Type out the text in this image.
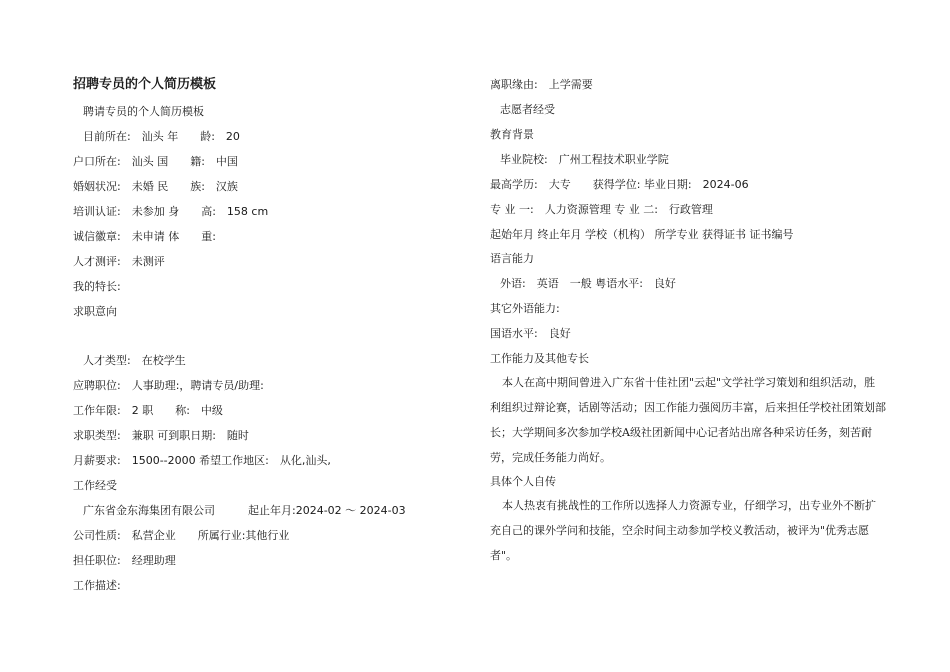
招聘专员的个人简历模板
聘请专员的个人简历模板
目前所在:　汕头 年　　龄:　20
户口所在:　汕头 国　　籍:　中国
婚姻状况:　未婚 民　　族:　汉族
培训认证:　未参加 身　　高:　158 cm
诚信徽章:　未申请 体　　重:
人才测评:　未测评
我的特长:
求职意向
人才类型:　在校学生
应聘职位:　人事助理:，聘请专员/助理:
工作年限:　2 职　　称:　中级
求职类型:　兼职 可到职日期:　随时
月薪要求:　1500--2000 希望工作地区:　从化,汕头,
工作经受
广东省金东海集团有限公司　　　起止年月:2024-02 ～ 2024-03
公司性质:　私营企业　　所属行业:其他行业
担任职位:　经理助理
工作描述:
离职缘由:　上学需要
志愿者经受
教育背景
毕业院校:　广州工程技术职业学院
最高学历:　大专　　获得学位: 毕业日期:　2024-06
专 业 一:　人力资源管理 专 业 二:　行政管理
起始年月 终止年月 学校（机构） 所学专业 获得证书 证书编号
语言能力
外语:　英语　一般 粤语水平:　良好
其它外语能力:
国语水平:　良好
工作能力及其他专长
本人在高中期间曾进入广东省十佳社团"云起"文学社学习策划和组织活动，胜利组织过辩论赛，话剧等活动；因工作能力强阅历丰富，后来担任学校社团策划部长；大学期间多次参加学校A级社团新闻中心记者站出席各种采访任务，刻苦耐劳，完成任务能力尚好。
具体个人自传
本人热衷有挑战性的工作所以选择人力资源专业，仔细学习，出专业外不断扩充自己的课外学问和技能，空余时间主动参加学校义教活动，被评为"优秀志愿者"。
